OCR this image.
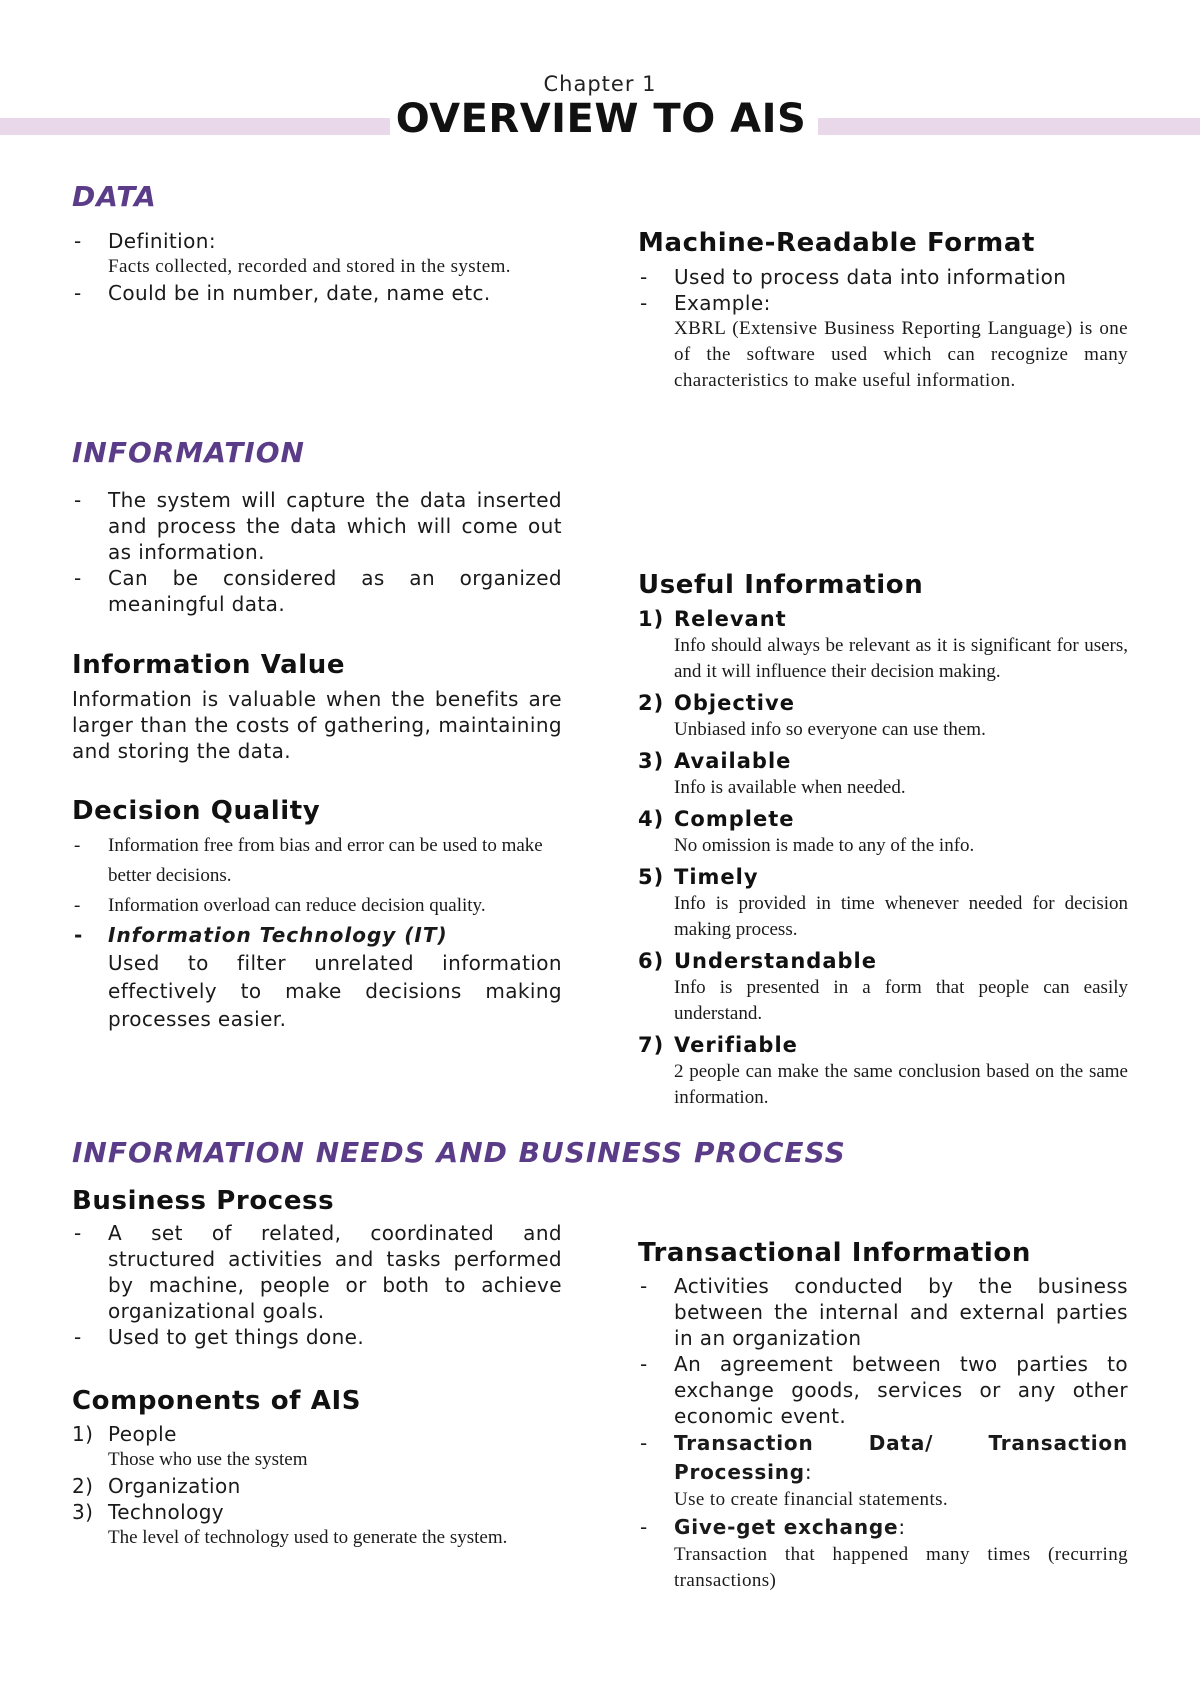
Chapter 1
OVERVIEW TO AIS
DATA
- Definition:
Facts collected, recorded and stored in the system.
- Could be in number, date, name etc.
Machine-Readable Format
- Used to process data into information
- Example:
XBRL (Extensive Business Reporting Language) is one of the software used which can recognize many characteristics to make useful information.
INFORMATION
- The system will capture the data inserted and process the data which will come out as information.
- Can be considered as an organized meaningful data.
Information Value

Information is valuable when the benefits are larger than the costs of gathering, maintaining and storing the data.

Decision Quality
- Information free from bias and error can be used to make better decisions.
- Information overload can reduce decision quality.
- Information Technology (IT)
Used to filter unrelated information effectively to make decisions making processes easier.
Useful Information
1) Relevant
Info should always be relevant as it is significant for users, and it will influence their decision making.
2) Objective
Unbiased info so everyone can use them.
3) Available
Info is available when needed.
4) Complete
No omission is made to any of the info.
5) Timely
Info is provided in time whenever needed for decision making process.
6) Understandable
Info is presented in a form that people can easily understand.
7) Verifiable
2 people can make the same conclusion based on the same information.
INFORMATION NEEDS AND BUSINESS PROCESS
Business Process
- A set of related, coordinated and structured activities and tasks performed by machine, people or both to achieve organizational goals.
- Used to get things done.
Components of AIS
1) People
Those who use the system
2) Organization
3) Technology
The level of technology used to generate the system.
Transactional Information
- Activities conducted by the business between the internal and external parties in an organization
- An agreement between two parties to exchange goods, services or any other economic event.
- Transaction Data/ Transaction Processing:
Use to create financial statements.
- Give-get exchange:
Transaction that happened many times (recurring transactions)
